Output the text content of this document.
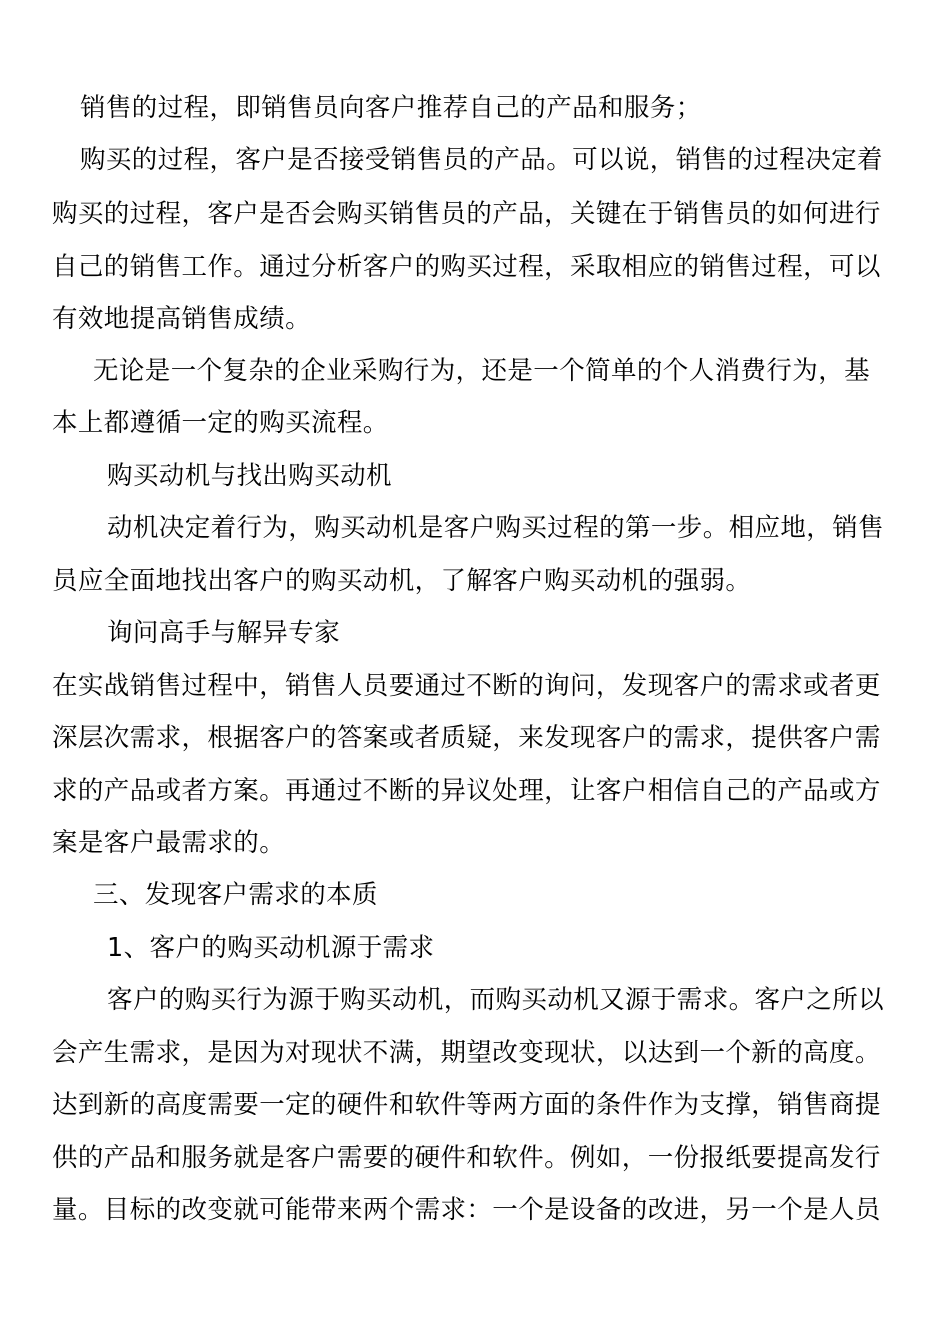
销售的过程，即销售员向客户推荐自己的产品和服务；
购买的过程，客户是否接受销售员的产品。可以说，销售的过程决定着
购买的过程，客户是否会购买销售员的产品，关键在于销售员的如何进行
自己的销售工作。通过分析客户的购买过程，采取相应的销售过程，可以
有效地提高销售成绩。
无论是一个复杂的企业采购行为，还是一个简单的个人消费行为，基
本上都遵循一定的购买流程。
购买动机与找出购买动机
动机决定着行为，购买动机是客户购买过程的第一步。相应地，销售
员应全面地找出客户的购买动机，了解客户购买动机的强弱。
询问高手与解异专家
在实战销售过程中，销售人员要通过不断的询问，发现客户的需求或者更
深层次需求，根据客户的答案或者质疑，来发现客户的需求，提供客户需
求的产品或者方案。再通过不断的异议处理，让客户相信自己的产品或方
案是客户最需求的。
三、发现客户需求的本质
1、客户的购买动机源于需求
客户的购买行为源于购买动机，而购买动机又源于需求。客户之所以
会产生需求，是因为对现状不满，期望改变现状，以达到一个新的高度。
达到新的高度需要一定的硬件和软件等两方面的条件作为支撑，销售商提
供的产品和服务就是客户需要的硬件和软件。例如，一份报纸要提高发行
量。目标的改变就可能带来两个需求：一个是设备的改进，另一个是人员
